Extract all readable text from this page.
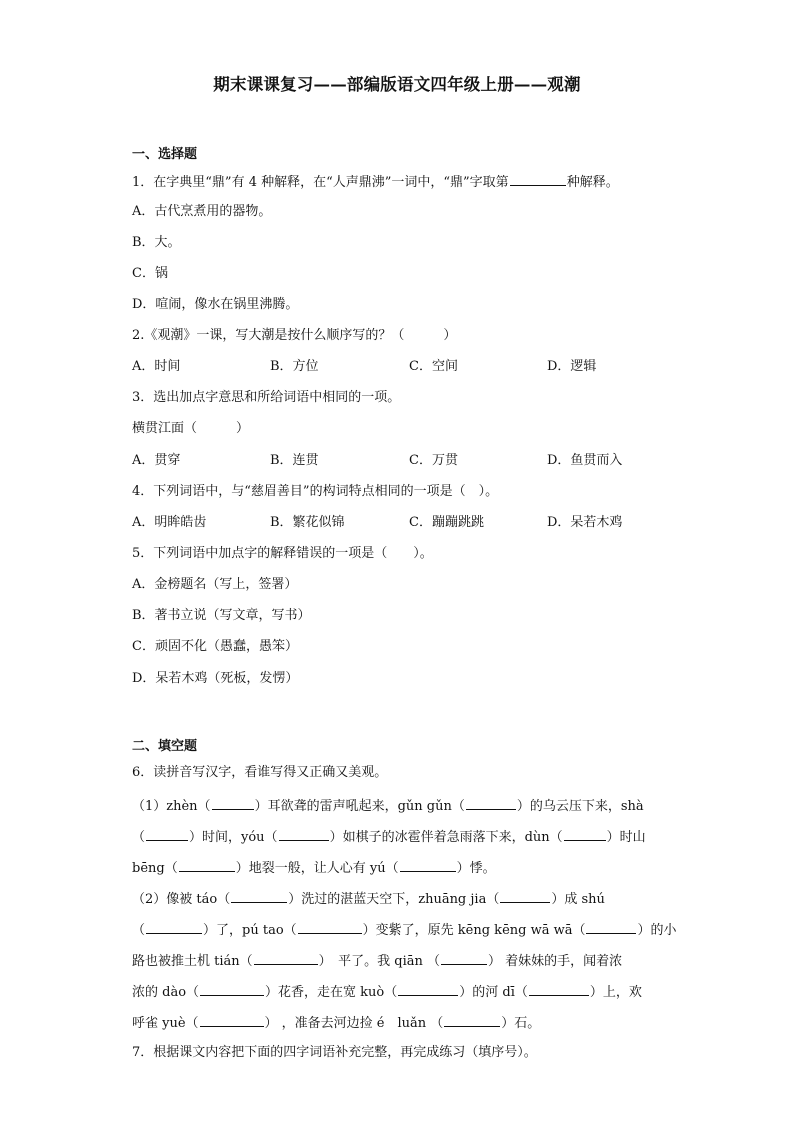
期末课课复习——部编版语文四年级上册——观潮
一、选择题
1．在字典里“鼎”有 4 种解释，在“人声鼎沸”一词中，“鼎”字取第	种解释。
A．古代烹煮用的器物。
B．大。
C．锅
D．喧闹，像水在锅里沸腾。
2.《观潮》一课，写大潮是按什么顺序写的？（　　　）
A．时间	B．方位	C．空间	D．逻辑
3．选出加点字意思和所给词语中相同的一项。
横贯江面（　　　）
A．贯穿	B．连贯	C．万贯	D．鱼贯而入
4．下列词语中，与“慈眉善目”的构词特点相同的一项是（　）。
A．明眸皓齿	B．繁花似锦	C．蹦蹦跳跳	D．呆若木鸡
5．下列词语中加点字的解释错误的一项是（　　）。
A．金榜题名（写上，签署）
B．著书立说（写文章，写书）
C．顽固不化（愚蠢，愚笨）
D．呆若木鸡（死板，发愣）
二、填空题
6．读拼音写汉字，看谁写得又正确又美观。
（1）zhèn（	）耳欲聋的雷声吼起来，gǔn gǔn（	）的乌云压下来，shà
（	）时间，yóu（	）如棋子的冰雹伴着急雨落下来，dùn（	）时山
bēng（	）地裂一般，让人心有 yú（	）悸。
（2）像被 táo（	）洗过的湛蓝天空下，zhuāng jia（	）成 shú
（	）了，pú tao（	）变紫了，原先 kēng kēng wā wā（	）的小
路也被推土机 tián（	）　平了。我 qiān （	） 着妹妹的手，闻着浓
浓的 dào（	）花香，走在宽 kuò（	）的河 dī（	）上，欢
呼雀 yuè（	） ，准备去河边捡 é　luǎn （	）石。
7．根据课文内容把下面的四字词语补充完整，再完成练习（填序号）。
